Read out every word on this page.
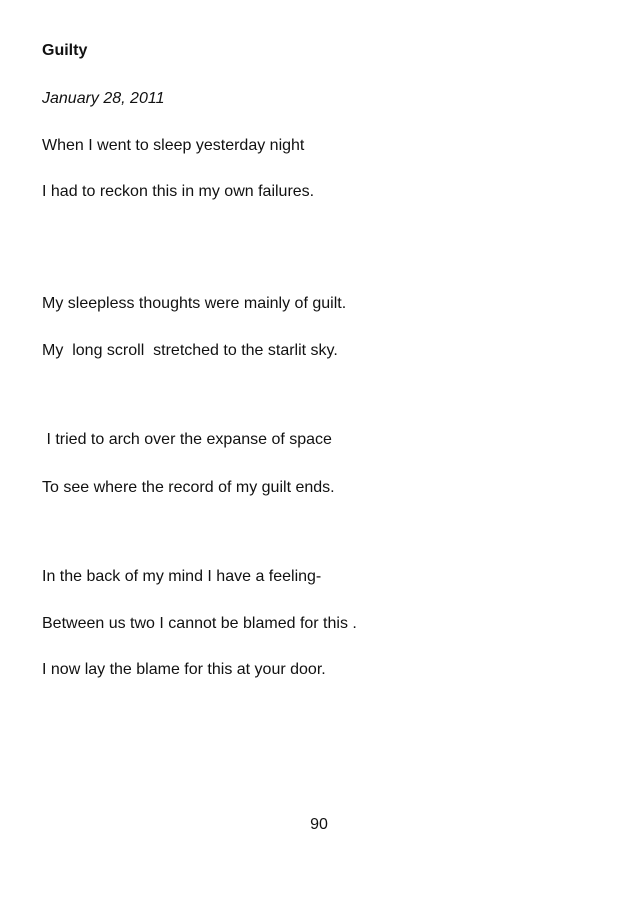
Guilty

January 28, 2011

When I went to sleep yesterday night

I had to reckon this in my own failures.

My sleepless thoughts were mainly of guilt.

My  long scroll  stretched to the starlit sky.

I tried to arch over the expanse of space

To see where the record of my guilt ends.

In the back of my mind I have a feeling-

Between us two I cannot be blamed for this .

I now lay the blame for this at your door.

90
